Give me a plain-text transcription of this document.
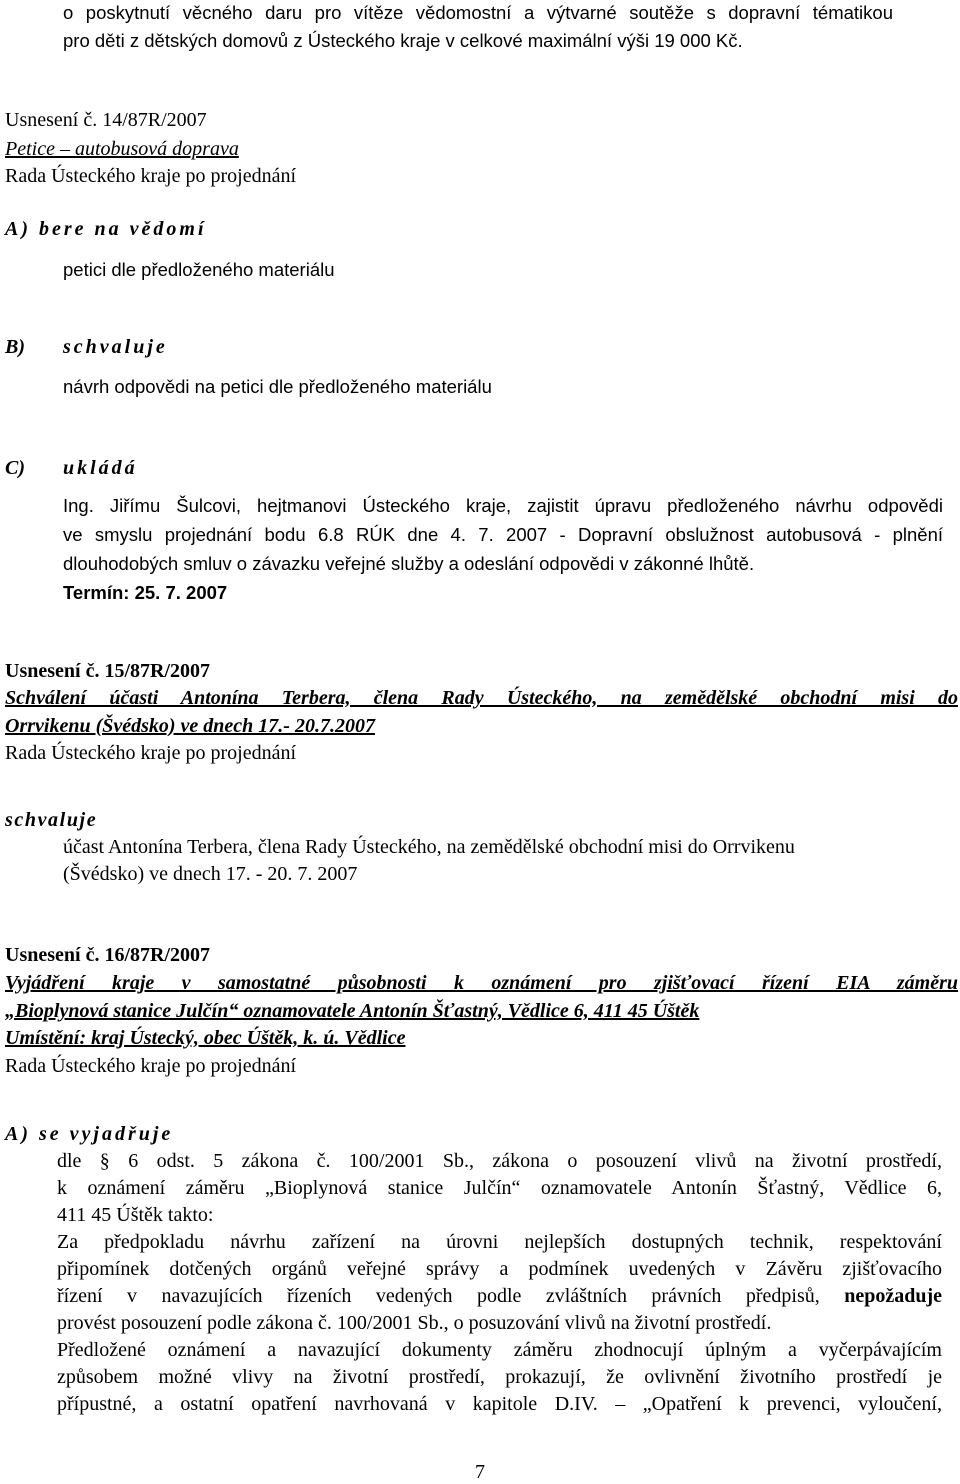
o poskytnutí věcného daru pro vítěze vědomostní a výtvarné soutěže s dopravní tématikou

pro děti z dětských domovů z Ústeckého kraje v celkové maximální výši 19 000 Kč.

Usnesení č. 14/87R/2007

Petice – autobusová doprava

Rada Ústeckého kraje po projednání

A) bere na vědomí

petici dle předloženého materiálu

B) schvaluje

návrh odpovědi na petici dle předloženého materiálu

C) ukládá

Ing. Jiřímu Šulcovi, hejtmanovi Ústeckého kraje, zajistit úpravu předloženého návrhu odpovědi

ve smyslu projednání bodu 6.8 RÚK dne 4. 7. 2007 - Dopravní obslužnost autobusová - plnění

dlouhodobých smluv o závazku veřejné služby a odeslání odpovědi v zákonné lhůtě.

Termín: 25. 7. 2007

Usnesení č. 15/87R/2007

Schválení účasti Antonína Terbera, člena Rady Ústeckého, na zemědělské obchodní misi do

Orrvikenu (Švédsko) ve dnech 17.- 20.7.2007

Rada Ústeckého kraje po projednání

schvaluje

účast Antonína Terbera, člena Rady Ústeckého, na zemědělské obchodní misi do Orrvikenu

(Švédsko) ve dnech 17. - 20. 7. 2007

Usnesení č. 16/87R/2007

Vyjádření kraje v samostatné působnosti k oznámení pro zjišťovací řízení EIA záměru

„Bioplynová stanice Julčín“ oznamovatele Antonín Šťastný, Vědlice 6, 411 45 Úštěk

Umístění: kraj Ústecký, obec Úštěk, k. ú. Vědlice

Rada Ústeckého kraje po projednání

A) se vyjadřuje

dle § 6 odst. 5 zákona č. 100/2001 Sb., zákona o posouzení vlivů na životní prostředí,

k oznámení záměru „Bioplynová stanice Julčín“ oznamovatele Antonín Šťastný, Vědlice 6,

411 45 Úštěk takto:

Za předpokladu návrhu zařízení na úrovni nejlepších dostupných technik, respektování

připomínek dotčených orgánů veřejné správy a podmínek uvedených v Závěru zjišťovacího

řízení v navazujících řízeních vedených podle zvláštních právních předpisů, nepožaduje

provést posouzení podle zákona č. 100/2001 Sb., o posuzování vlivů na životní prostředí.

Předložené oznámení a navazující dokumenty záměru zhodnocují úplným a vyčerpávajícím

způsobem možné vlivy na životní prostředí, prokazují, že ovlivnění životního prostředí je

přípustné, a ostatní opatření navrhovaná v kapitole D.IV. – „Opatření k prevenci, vyloučení,

7
